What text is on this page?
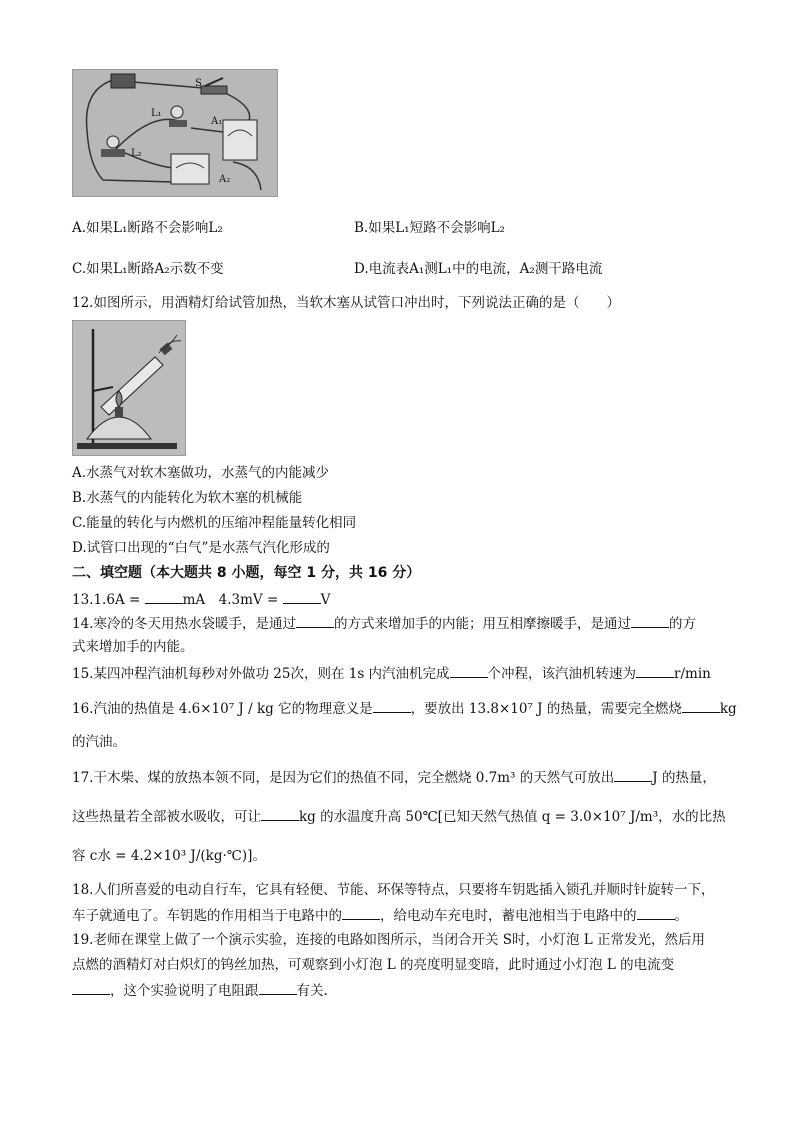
S
L₁
L₂
A₁
A₂
A.如果L₁断路不会影响L₂	B.如果L₁短路不会影响L₂
C.如果L₁断路A₂示数不变	D.电流表A₁测L₁中的电流，A₂测干路电流
12.如图所示，用酒精灯给试管加热，当软木塞从试管口冲出时，下列说法正确的是（　　）
A.水蒸气对软木塞做功，水蒸气的内能减少
B.水蒸气的内能转化为软木塞的机械能
C.能量的转化与内燃机的压缩冲程能量转化相同
D.试管口出现的“白气”是水蒸气汽化形成的
二、填空题（本大题共 8 小题，每空 1 分，共 16 分）
13.1.6A =	mA　4.3mV =	V
14.寒冷的冬天用热水袋暖手，是通过	的方式来增加手的内能；用互相摩擦暖手，是通过	的方
式来增加手的内能。
15.某四冲程汽油机每秒对外做功 25次，则在 1s 内汽油机完成	个冲程，该汽油机转速为	r/min
16.汽油的热值是 4.6×10⁷ J / kg 它的物理意义是	，要放出 13.8×10⁷ J 的热量，需要完全燃烧	kg
的汽油。
17.干木柴、煤的放热本领不同，是因为它们的热值不同，完全燃烧 0.7m³ 的天然气可放出	J 的热量，
这些热量若全部被水吸收，可让	kg 的水温度升高 50℃[已知天然气热值 q = 3.0×10⁷ J/m³，水的比热
容 c水 = 4.2×10³ J/(kg·℃)]。
18.人们所喜爱的电动自行车，它具有轻便、节能、环保等特点，只要将车钥匙插入锁孔并顺时针旋转一下，
车子就通电了。车钥匙的作用相当于电路中的	，给电动车充电时，蓄电池相当于电路中的	。
19.老师在课堂上做了一个演示实验，连接的电路如图所示，当闭合开关 S时，小灯泡 L 正常发光，然后用
点燃的酒精灯对白炽灯的钨丝加热，可观察到小灯泡 L 的亮度明显变暗，此时通过小灯泡 L 的电流变
，这个实验说明了电阻跟	有关.
